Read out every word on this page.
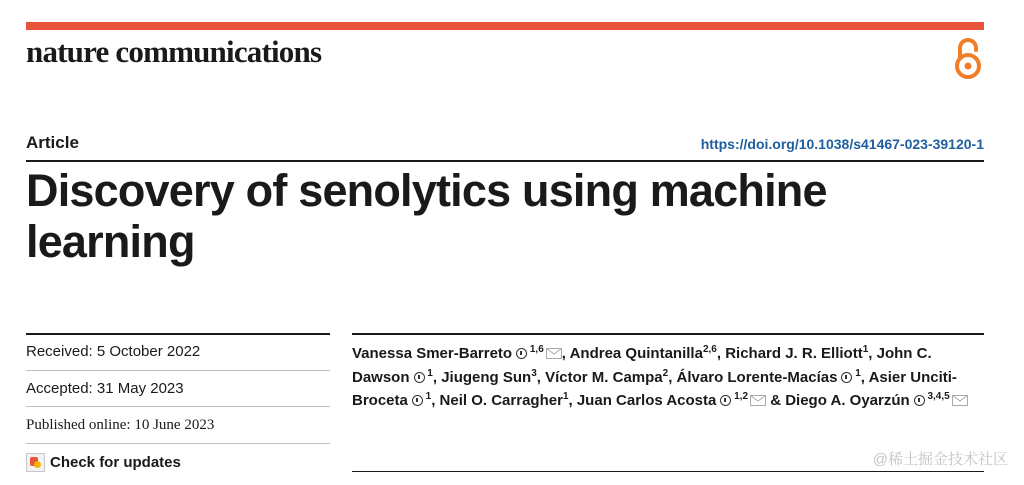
nature communications
Article	https://doi.org/10.1038/s41467-023-39120-1
Discovery of senolytics using machine learning
Received: 5 October 2022
Accepted: 31 May 2023
Published online: 10 June 2023
Check for updates
Vanessa Smer-Barreto $^{1,6}$ , Andrea Quintanilla$^{2,6}$, Richard J. R. Elliott$^1$, John C. Dawson $^1$, Jiugeng Sun$^3$, Víctor M. Campa$^2$, Álvaro Lorente-Macías $^1$, Asier Unciti-Broceta $^1$, Neil O. Carragher$^1$, Juan Carlos Acosta $^{1,2}$ & Diego A. Oyarzún $^{3,4,5}$
@稀土掘金技术社区
